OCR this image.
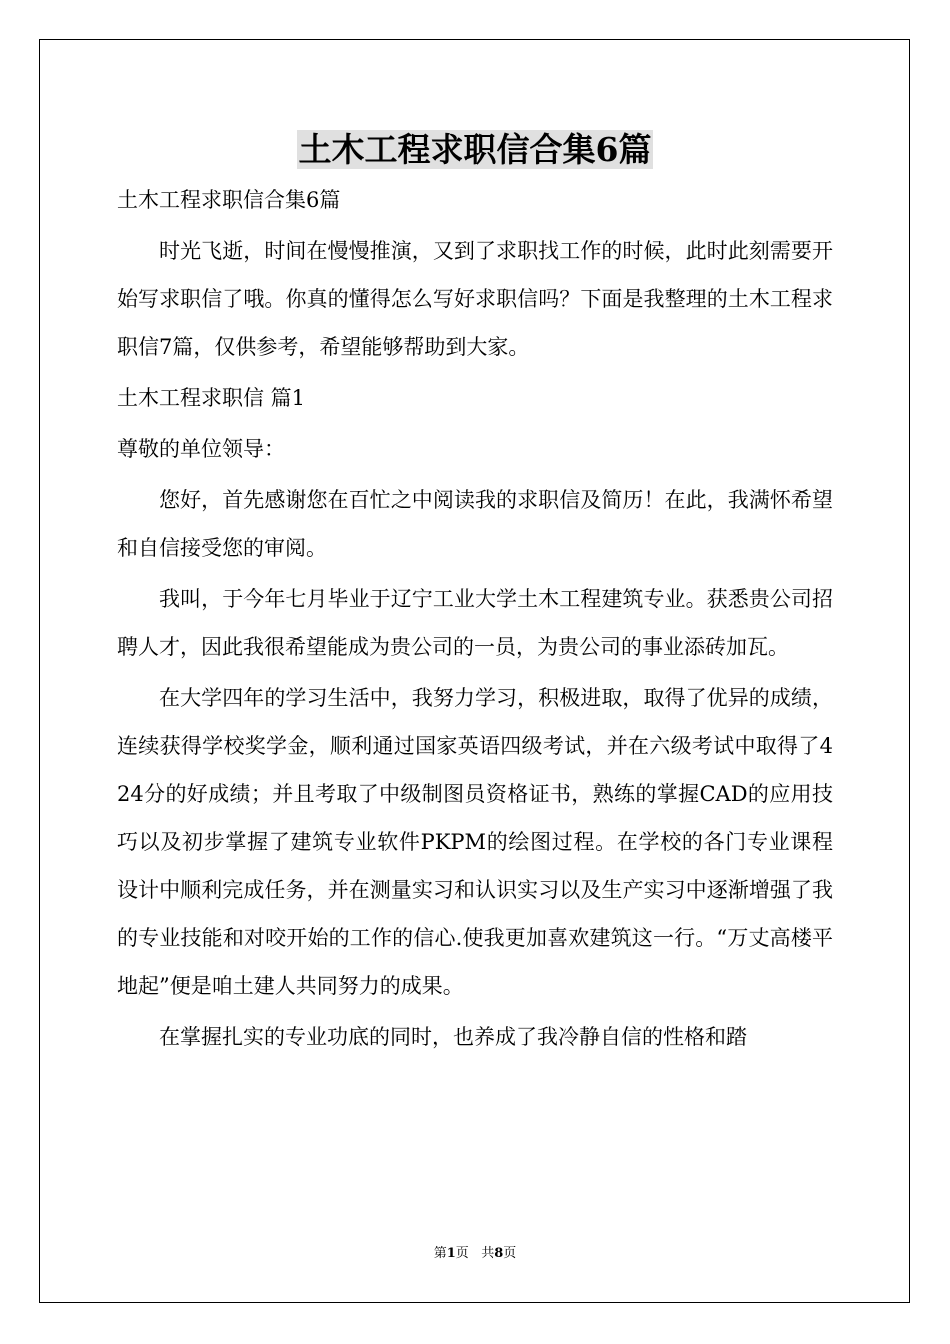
土木工程求职信合集6篇

土木工程求职信合集6篇

时光飞逝，时间在慢慢推演，又到了求职找工作的时候，此时此刻需要开始写求职信了哦。你真的懂得怎么写好求职信吗？下面是我整理的土木工程求职信7篇，仅供参考，希望能够帮助到大家。

土木工程求职信 篇1

尊敬的单位领导：

您好，首先感谢您在百忙之中阅读我的求职信及简历！在此，我满怀希望和自信接受您的审阅。

我叫，于今年七月毕业于辽宁工业大学土木工程建筑专业。获悉贵公司招聘人才，因此我很希望能成为贵公司的一员，为贵公司的事业添砖加瓦。

在大学四年的学习生活中，我努力学习，积极进取，取得了优异的成绩，连续获得学校奖学金，顺利通过国家英语四级考试，并在六级考试中取得了424分的好成绩；并且考取了中级制图员资格证书，熟练的掌握CAD的应用技巧以及初步掌握了建筑专业软件PKPM的绘图过程。在学校的各门专业课程设计中顺利完成任务，并在测量实习和认识实习以及生产实习中逐渐增强了我的专业技能和对咬开始的工作的信心.使我更加喜欢建筑这一行。“万丈高楼平地起”便是咱土建人共同努力的成果。

在掌握扎实的专业功底的同时，也养成了我冷静自信的性格和踏

第1页 共8页
